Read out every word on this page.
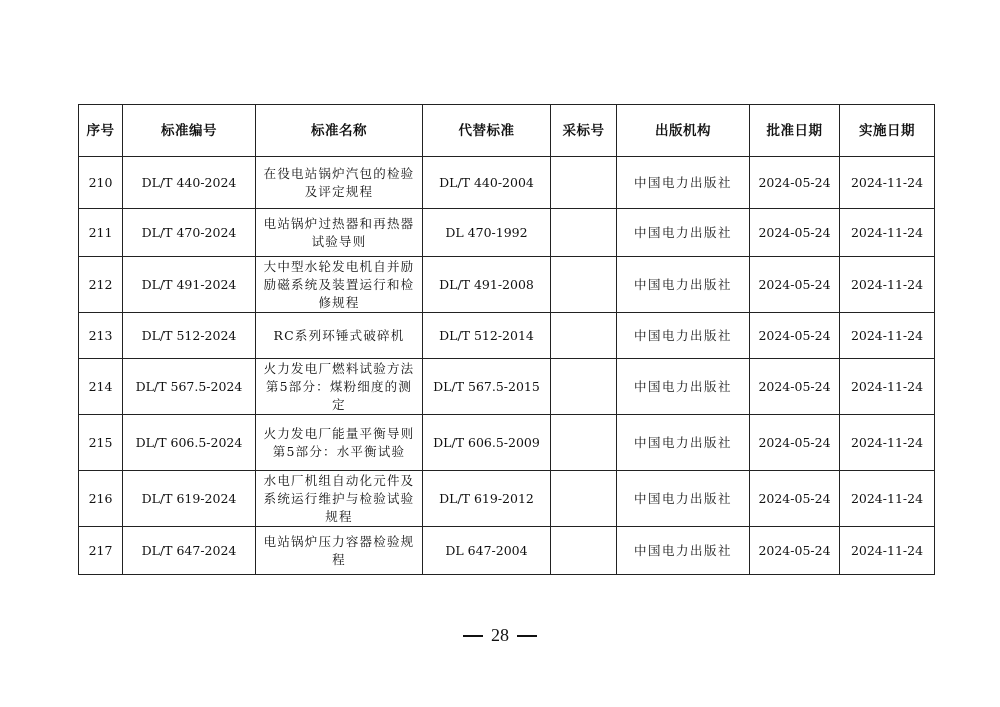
序号	标准编号	标准名称	代替标准	采标号	出版机构	批准日期	实施日期
210	DL/T 440-2024	在役电站锅炉汽包的检验及评定规程	DL/T 440-2004		中国电力出版社	2024-05-24	2024-11-24
211	DL/T 470-2024	电站锅炉过热器和再热器试验导则	DL 470-1992		中国电力出版社	2024-05-24	2024-11-24
212	DL/T 491-2024	大中型水轮发电机自并励励磁系统及装置运行和检修规程	DL/T 491-2008		中国电力出版社	2024-05-24	2024-11-24
213	DL/T 512-2024	RC系列环锤式破碎机	DL/T 512-2014		中国电力出版社	2024-05-24	2024-11-24
214	DL/T 567.5-2024	火力发电厂燃料试验方法 第5部分：煤粉细度的测定	DL/T 567.5-2015		中国电力出版社	2024-05-24	2024-11-24
215	DL/T 606.5-2024	火力发电厂能量平衡导则 第5部分：水平衡试验	DL/T 606.5-2009		中国电力出版社	2024-05-24	2024-11-24
216	DL/T 619-2024	水电厂机组自动化元件及系统运行维护与检验试验规程	DL/T 619-2012		中国电力出版社	2024-05-24	2024-11-24
217	DL/T 647-2024	电站锅炉压力容器检验规程	DL 647-2004		中国电力出版社	2024-05-24	2024-11-24
28
